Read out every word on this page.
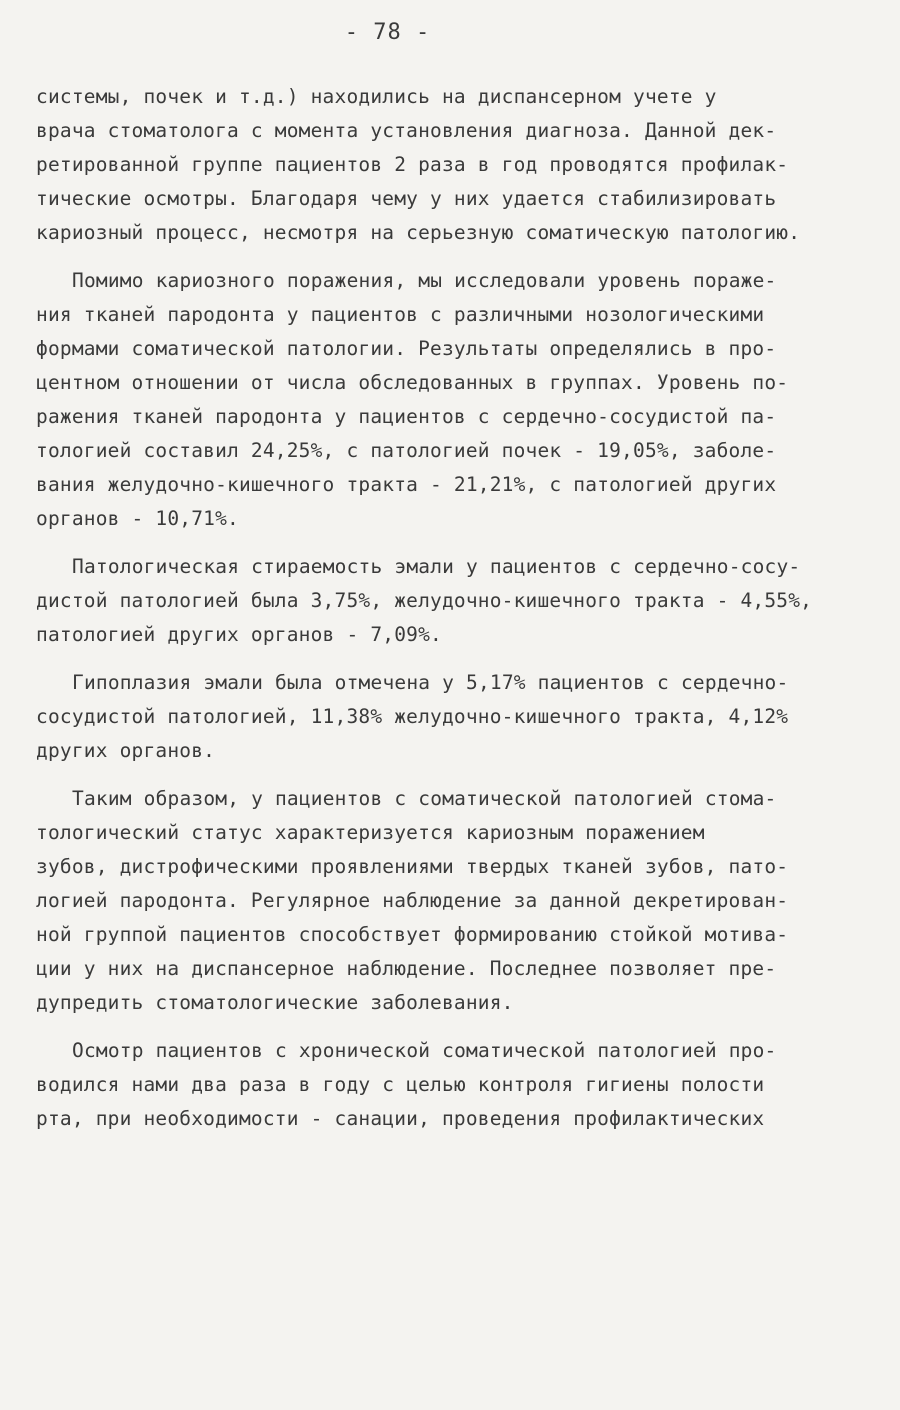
- 78 -
системы, почек и т.д.) находились на диспансерном учете у
врача стоматолога с момента установления диагноза. Данной дек-
ретированной группе пациентов 2 раза в год проводятся профилак-
тические осмотры. Благодаря чему у них удается стабилизировать
кариозный процесс, несмотря на серьезную соматическую патологию.
Помимо кариозного поражения, мы исследовали уровень пораже-
ния тканей пародонта у пациентов с различными нозологическими
формами соматической патологии. Результаты определялись в про-
центном отношении от числа обследованных в группах. Уровень по-
ражения тканей пародонта у пациентов с сердечно-сосудистой па-
тологией составил 24,25%, с патологией почек - 19,05%, заболе-
вания желудочно-кишечного тракта - 21,21%, с патологией других
органов - 10,71%.
Патологическая стираемость эмали у пациентов с сердечно-сосу-
дистой патологией была 3,75%, желудочно-кишечного тракта - 4,55%,
патологией других органов - 7,09%.
Гипоплазия эмали была отмечена у 5,17% пациентов с сердечно-
сосудистой патологией, 11,38% желудочно-кишечного тракта, 4,12%
других органов.
Таким образом, у пациентов с соматической патологией стома-
тологический статус характеризуется кариозным поражением
зубов, дистрофическими проявлениями твердых тканей зубов, пато-
логией пародонта. Регулярное наблюдение за данной декретирован-
ной группой пациентов способствует формированию стойкой мотива-
ции у них на диспансерное наблюдение. Последнее позволяет пре-
дупредить стоматологические заболевания.
Осмотр пациентов с хронической соматической патологией про-
водился нами два раза в году с целью контроля гигиены полости
рта, при необходимости - санации, проведения профилактических
